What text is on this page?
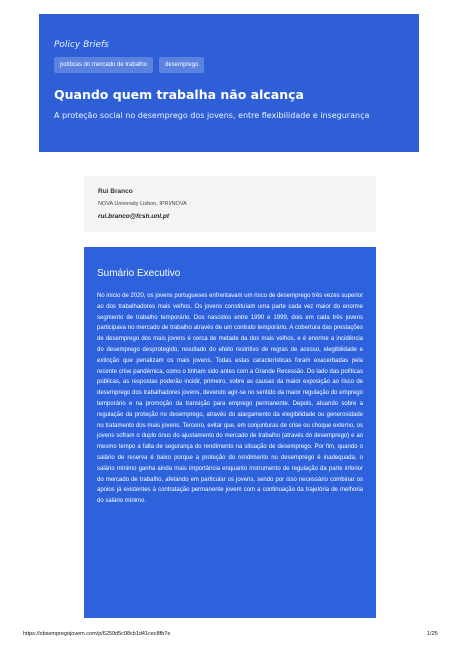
Policy Briefs
políticas do mercado de trabalho	desemprego
Quando quem trabalha não alcança
A proteção social no desemprego dos jovens, entre flexibilidade e insegurança
Rui Branco
NOVA University Lisbon, IPRI/NOVA
rui.branco@fcsh.unl.pt
Sumário Executivo

No início de 2020, os jovens portugueses enfrentavam um risco de desemprego três vezes superior ao dos trabalhadores mais velhos. Os jovens constituíam uma parte cada vez maior do enorme segmento de trabalho temporário. Dos nascidos entre 1990 e 1999, dois em cada três jovens participava no mercado de trabalho através de um contrato temporário. A cobertura das prestações de desemprego dos mais jovens é cerca de metade da dos mais velhos, e é enorme a incidência do desemprego desprotegido, resultado do efeito restritivo de regras de acesso, elegibilidade e extinção que penalizam os mais jovens. Todas estas características foram exacerbadas pela recente crise pandémica, como o tinham sido antes com a Grande Recessão. Do lado das políticas públicas, as respostas poderão incidir, primeiro, sobre as causas da maior exposição ao risco de desemprego dos trabalhadores jovens, devendo agir-se no sentido da maior regulação do emprego temporário e na promoção da transição para emprego permanente. Depois, atuando sobre a regulação da proteção no desemprego, através do alargamento da elegibilidade ou generosidade no tratamento dos mais jovens. Terceiro, evitar que, em conjunturas de crise ou choque externo, os jovens sofram o duplo ónus do ajustamento do mercado de trabalho (através do desemprego) e ao mesmo tempo a falta de segurança do rendimento na situação de desemprego. Por fim, quando o salário de reserva é baixo porque a proteção do rendimento no desemprego é inadequada, o salário mínimo ganha ainda mais importância enquanto instrumento de regulação da parte inferior do mercado de trabalho, afetando em particular os jovens, sendo por isso necessário combinar os apoios já existentes à contratação permanente jovem com a continuação da trajetória de melhoria do salário mínimo.

https://obsempregojovem.com/p/6259d5c08cb1d41cec8fb7e	1/25
